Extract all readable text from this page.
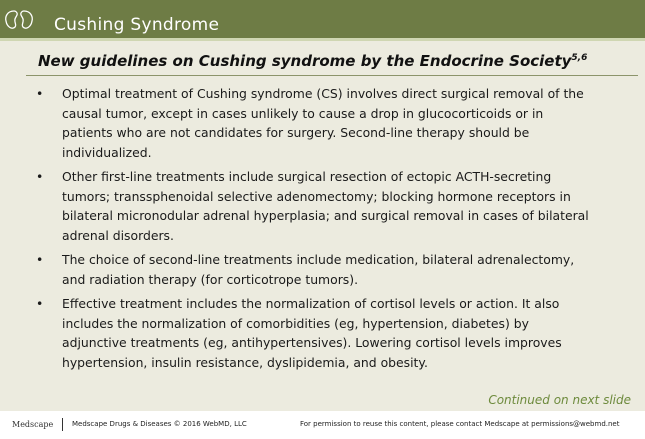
Cushing Syndrome
New guidelines on Cushing syndrome by the Endocrine Society$^{5,6}$
• Optimal treatment of Cushing syndrome (CS) involves direct surgical removal of the causal tumor, except in cases unlikely to cause a drop in glucocorticoids or in patients who are not candidates for surgery. Second-line therapy should be individualized.
• Other first-line treatments include surgical resection of ectopic ACTH-secreting tumors; transsphenoidal selective adenomectomy; blocking hormone receptors in bilateral micronodular adrenal hyperplasia; and surgical removal in cases of bilateral adrenal disorders.
• The choice of second-line treatments include medication, bilateral adrenalectomy, and radiation therapy (for corticotrope tumors).
• Effective treatment includes the normalization of cortisol levels or action. It also includes the normalization of comorbidities (eg, hypertension, diabetes) by adjunctive treatments (eg, antihypertensives). Lowering cortisol levels improves hypertension, insulin resistance, dyslipidemia, and obesity.
Continued on next slide
Medscape	Medscape Drugs & Diseases © 2016 WebMD, LLC	For permission to reuse this content, please contact Medscape at permissions@webmd.net
